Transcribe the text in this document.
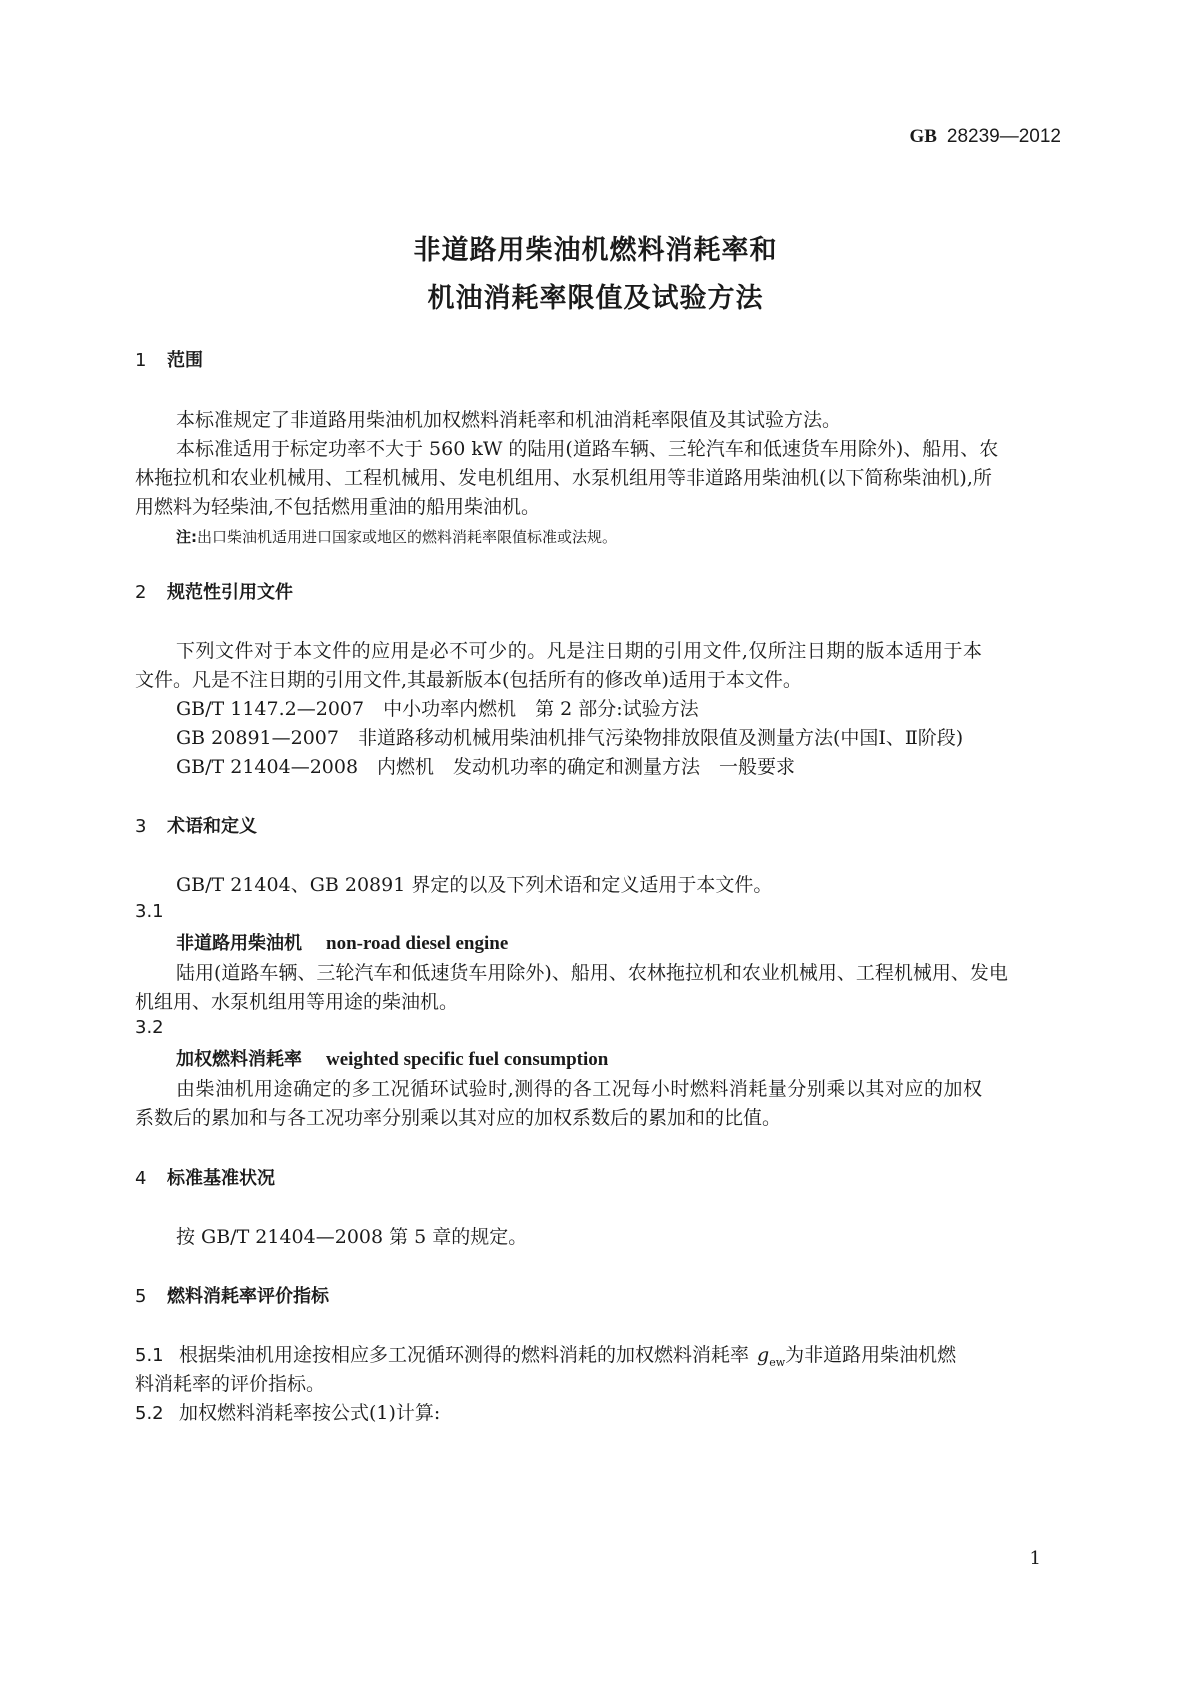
GB 28239—2012
非道路用柴油机燃料消耗率和
机油消耗率限值及试验方法
1 范围
本标准规定了非道路用柴油机加权燃料消耗率和机油消耗率限值及其试验方法。
本标准适用于标定功率不大于 560 kW 的陆用(道路车辆、三轮汽车和低速货车用除外)、船用、农
林拖拉机和农业机械用、工程机械用、发电机组用、水泵机组用等非道路用柴油机(以下简称柴油机),所
用燃料为轻柴油,不包括燃用重油的船用柴油机。
注:出口柴油机适用进口国家或地区的燃料消耗率限值标准或法规。
2 规范性引用文件
下列文件对于本文件的应用是必不可少的。凡是注日期的引用文件,仅所注日期的版本适用于本
文件。凡是不注日期的引用文件,其最新版本(包括所有的修改单)适用于本文件。
GB/T 1147.2—2007　中小功率内燃机　第 2 部分:试验方法
GB 20891—2007　非道路移动机械用柴油机排气污染物排放限值及测量方法(中国Ⅰ、Ⅱ阶段)
GB/T 21404—2008　内燃机　发动机功率的确定和测量方法　一般要求
3 术语和定义
GB/T 21404、GB 20891 界定的以及下列术语和定义适用于本文件。
3.1
非道路用柴油机 non-road diesel engine
陆用(道路车辆、三轮汽车和低速货车用除外)、船用、农林拖拉机和农业机械用、工程机械用、发电
机组用、水泵机组用等用途的柴油机。
3.2
加权燃料消耗率 weighted specific fuel consumption
由柴油机用途确定的多工况循环试验时,测得的各工况每小时燃料消耗量分别乘以其对应的加权
系数后的累加和与各工况功率分别乘以其对应的加权系数后的累加和的比值。
4 标准基准状况
按 GB/T 21404—2008 第 5 章的规定。
5 燃料消耗率评价指标
5.1 根据柴油机用途按相应多工况循环测得的燃料消耗的加权燃料消耗率 $g_{ew}$为非道路用柴油机燃
料消耗率的评价指标。
5.2 加权燃料消耗率按公式(1)计算:
1
